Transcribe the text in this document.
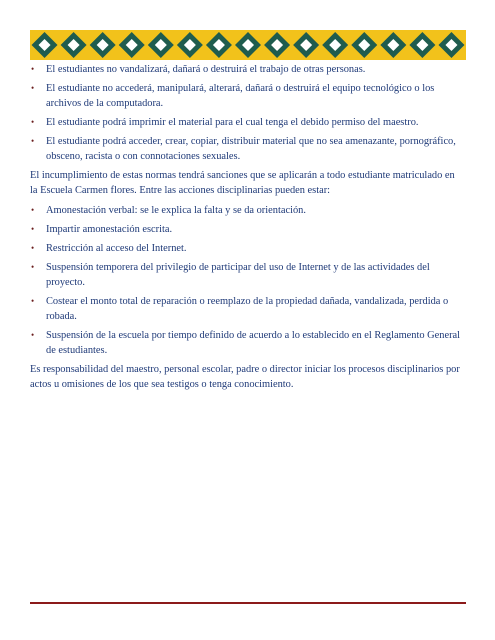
• El estudiantes no vandalizará, dañará o destruirá el trabajo de otras personas.
• El estudiante no accederá, manipulará, alterará, dañará o destruirá el equipo tecnológico o los archivos de la computadora.
• El estudiante podrá imprimir el material para el cual tenga el debido permiso del maestro.
• El estudiante podrá acceder, crear, copiar, distribuir material que no sea amenazante, pornográfico, obsceno, racista o con connotaciones sexuales.

El incumplimiento de estas normas tendrá sanciones que se aplicarán a todo estudiante matriculado en la Escuela Carmen flores. Entre las acciones disciplinarias pueden estar:

• Amonestación verbal: se le explica la falta y se da orientación.
• Impartir amonestación escrita.
• Restricción al acceso del Internet.
• Suspensión temporera del privilegio de participar del uso de Internet y de las actividades del proyecto.
• Costear el monto total de reparación o reemplazo de la propiedad dañada, vandalizada, perdida o robada.
• Suspensión de la escuela por tiempo definido de acuerdo a lo establecido en el Reglamento General de estudiantes.

Es responsabilidad del maestro, personal escolar, padre o director iniciar los procesos disciplinarios por actos u omisiones de los que sea testigos o tenga conocimiento.
